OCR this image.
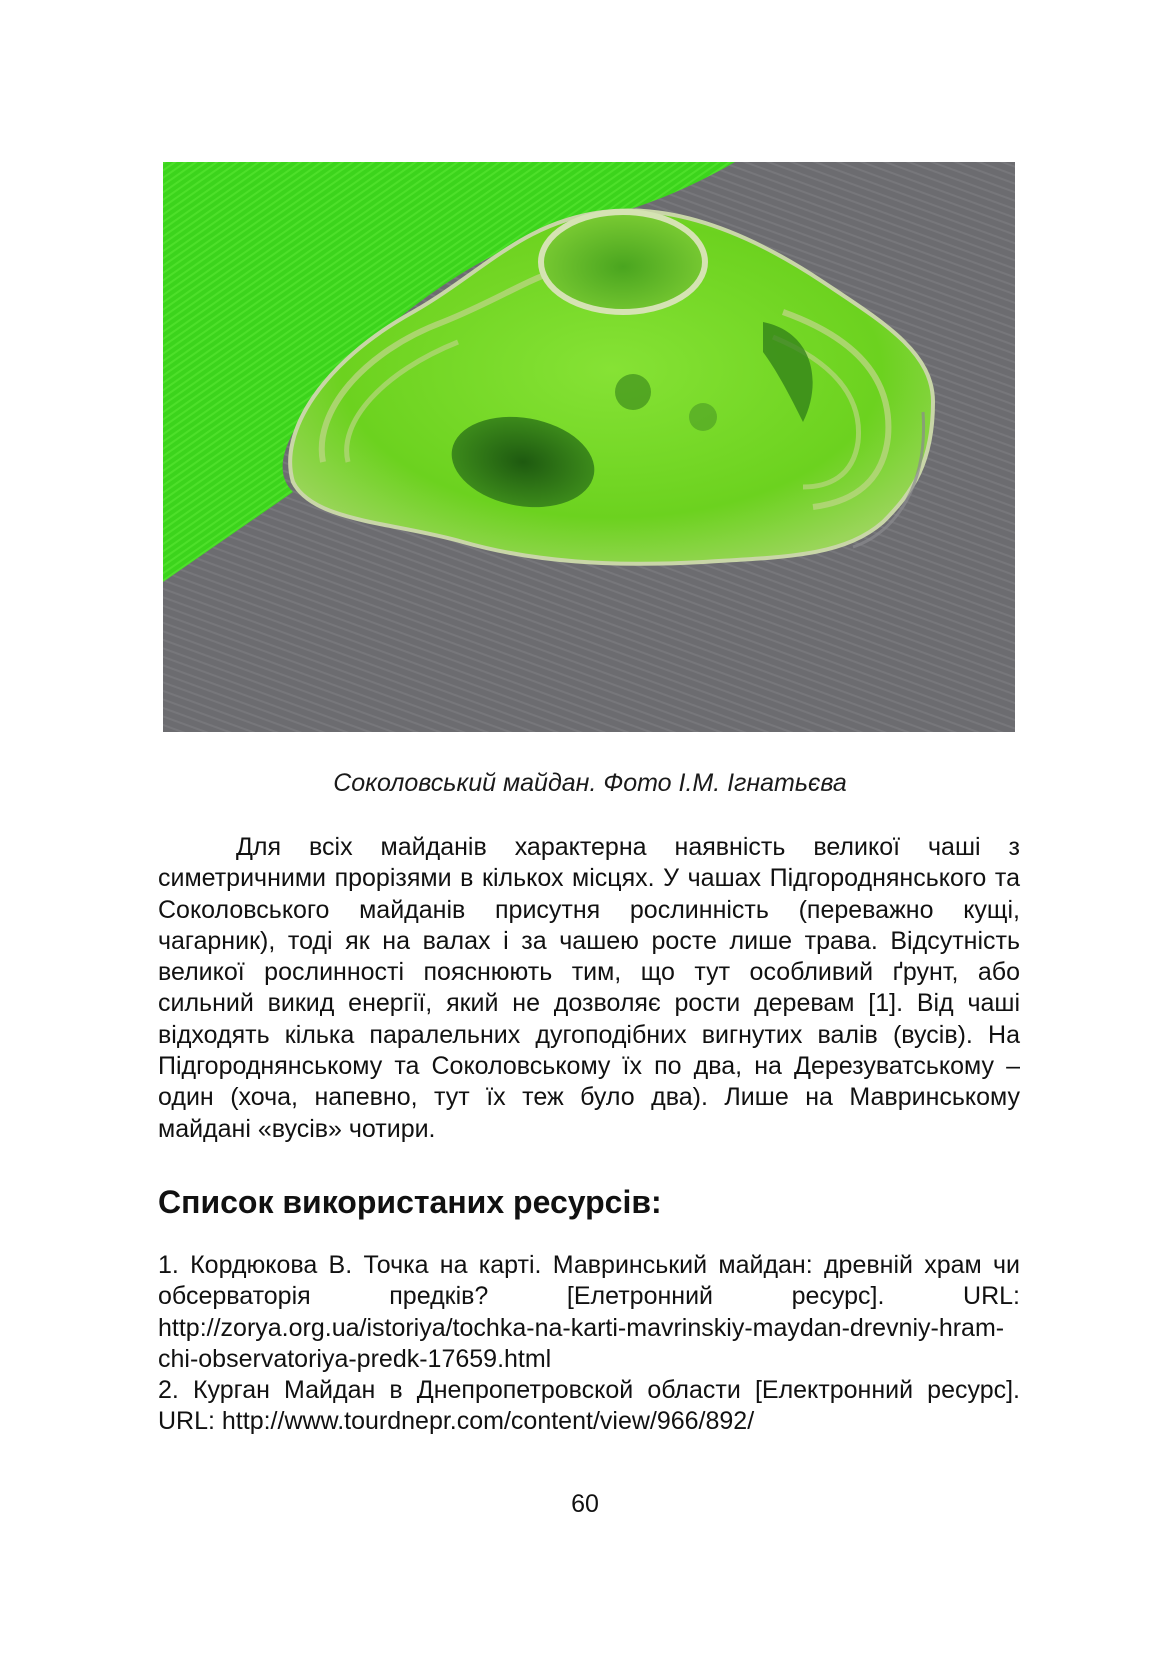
Соколовський майдан. Фото І.М. Ігнатьєва

Для всіх майданів характерна наявність великої чаші з симетричними прорізями в кількох місцях. У чашах Підгороднянського та Соколовського майданів присутня рослинність (переважно кущі, чагарник), тоді як на валах і за чашею росте лише трава. Відсутність великої рослинності пояснюють тим, що тут особливий ґрунт, або сильний викид енергії, який не дозволяє рости деревам [1]. Від чаші відходять кілька паралельних дугоподібних вигнутих валів (вусів). На Підгороднянському та Соколовському їх по два, на Дерезуватському – один (хоча, напевно, тут їх теж було два). Лише на Мавринському майдані «вусів» чотири.

Список використаних ресурсів:
1. Кордюкова В. Точка на карті. Мавринський майдан: древній храм чи обсерваторія предків? [Елетронний ресурс]. URL: http://zorya.org.ua/istoriya/tochka-na-karti-mavrinskiy-maydan-drevniy-hram-chi-observatoriya-predk-17659.html
2. Курган Майдан в Днепропетровской области [Електронний ресурс]. URL: http://www.tourdnepr.com/content/view/966/892/
60
